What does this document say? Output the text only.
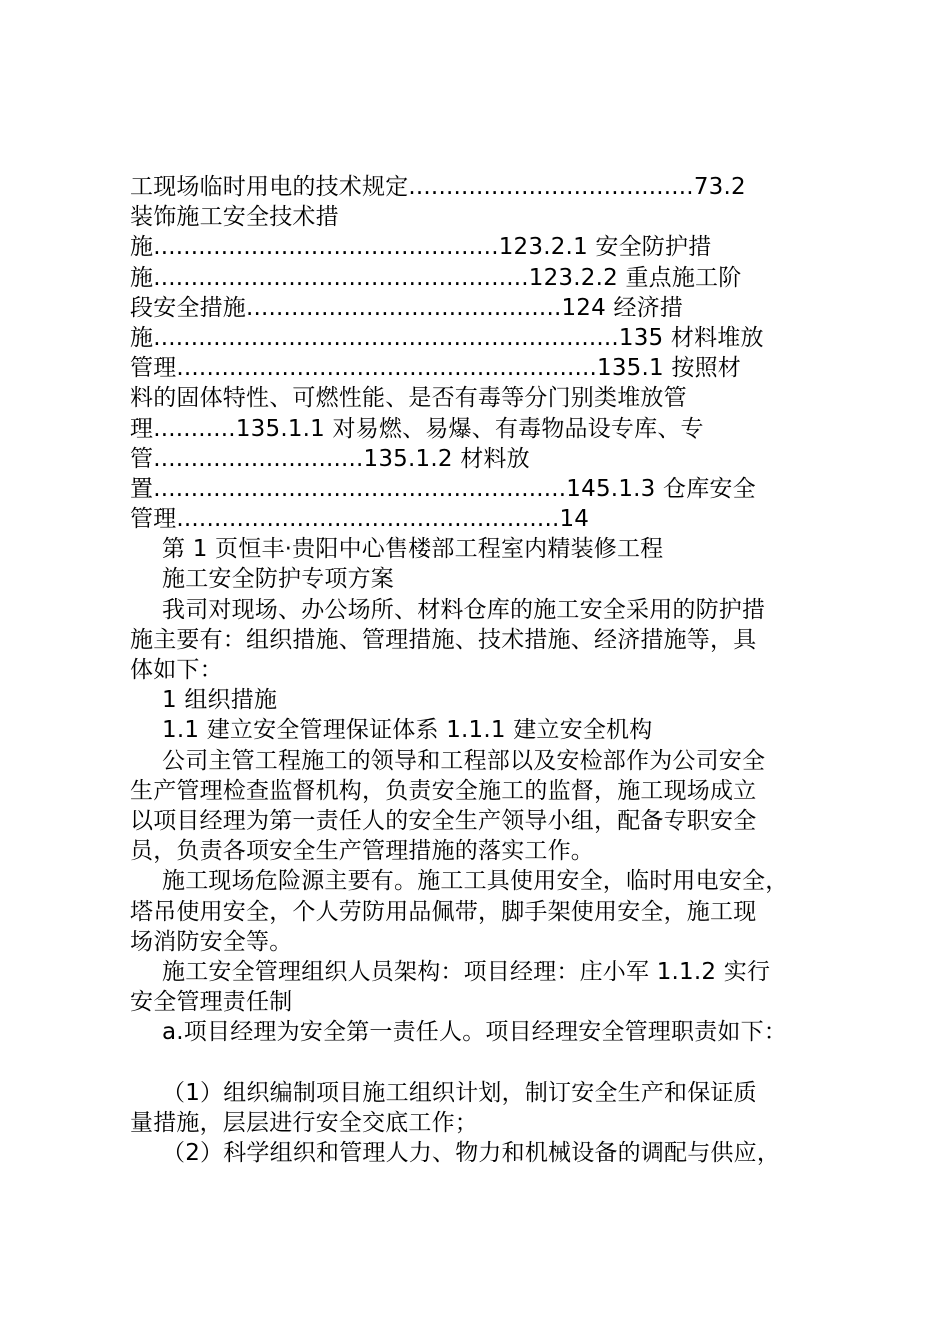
工现场临时用电的技术规定......................................73.2
装饰施工安全技术措
施..............................................123.2.1 安全防护措
施..................................................123.2.2 重点施工阶
段安全措施..........................................124 经济措
施..............................................................135 材料堆放
管理........................................................135.1 按照材
料的固体特性、可燃性能、是否有毒等分门别类堆放管
理...........135.1.1 对易燃、易爆、有毒物品设专库、专
管............................135.1.2 材料放
置.......................................................145.1.3 仓库安全
管理...................................................14
第 1 页恒丰·贵阳中心售楼部工程室内精装修工程
施工安全防护专项方案
我司对现场、办公场所、材料仓库的施工安全采用的防护措
施主要有：组织措施、管理措施、技术措施、经济措施等，具
体如下：
1 组织措施
1.1 建立安全管理保证体系 1.1.1 建立安全机构
公司主管工程施工的领导和工程部以及安检部作为公司安全
生产管理检查监督机构，负责安全施工的监督，施工现场成立
以项目经理为第一责任人的安全生产领导小组，配备专职安全
员，负责各项安全生产管理措施的落实工作。
施工现场危险源主要有。施工工具使用安全，临时用电安全，
塔吊使用安全，个人劳防用品佩带，脚手架使用安全，施工现
场消防安全等。
施工安全管理组织人员架构：项目经理：庄小军 1.1.2 实行
安全管理责任制
a.项目经理为安全第一责任人。项目经理安全管理职责如下：
（1）组织编制项目施工组织计划，制订安全生产和保证质
量措施，层层进行安全交底工作；
（2）科学组织和管理人力、物力和机械设备的调配与供应，
